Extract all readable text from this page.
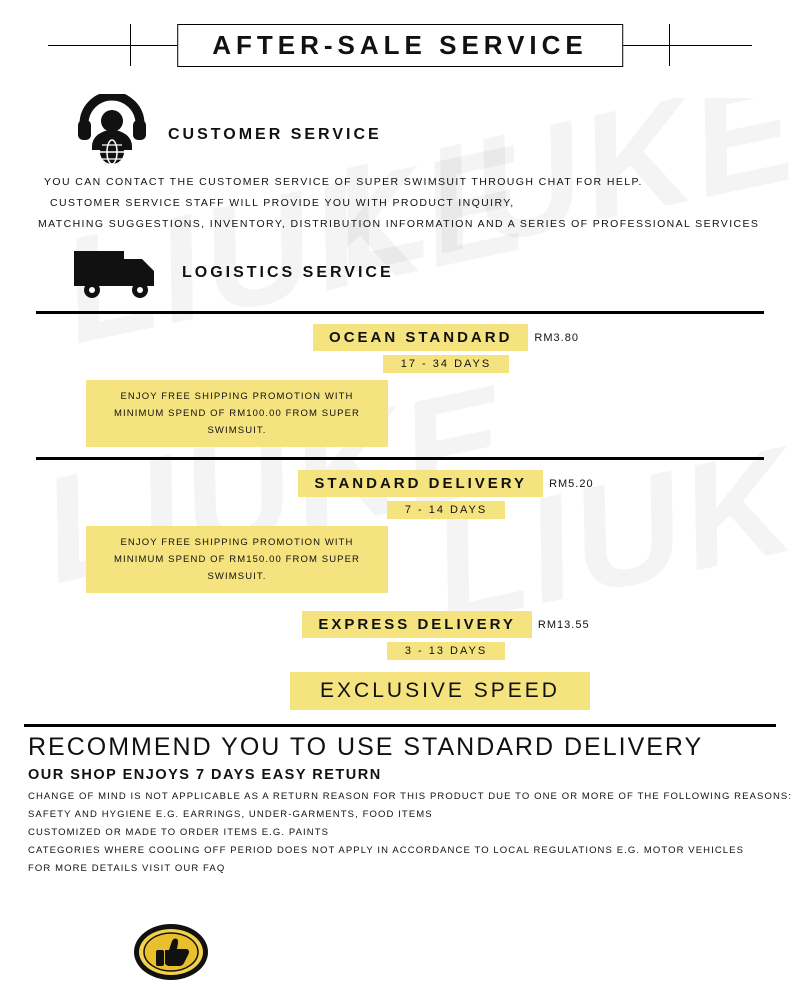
AFTER-SALE SERVICE
CUSTOMER SERVICE
YOU CAN CONTACT THE CUSTOMER SERVICE OF SUPER SWIMSUIT THROUGH CHAT FOR HELP.
CUSTOMER SERVICE STAFF WILL PROVIDE YOU WITH PRODUCT INQUIRY,
MATCHING SUGGESTIONS, INVENTORY, DISTRIBUTION INFORMATION AND A SERIES OF PROFESSIONAL SERVICES
LOGISTICS SERVICE
OCEAN STANDARD	RM3.80
17 - 34 DAYS
ENJOY FREE SHIPPING PROMOTION WITH
MINIMUM SPEND OF RM100.00 FROM SUPER SWIMSUIT.
STANDARD DELIVERY	RM5.20
7 - 14 DAYS
ENJOY FREE SHIPPING PROMOTION WITH
MINIMUM SPEND OF RM150.00 FROM SUPER SWIMSUIT.
EXPRESS DELIVERY	RM13.55
3 - 13 DAYS
EXCLUSIVE SPEED
RECOMMEND YOU TO USE STANDARD DELIVERY
OUR SHOP ENJOYS 7 DAYS EASY RETURN
CHANGE OF MIND IS NOT APPLICABLE AS A RETURN REASON FOR THIS PRODUCT DUE TO ONE OR MORE OF THE FOLLOWING REASONS:
SAFETY AND HYGIENE E.G. EARRINGS, UNDER-GARMENTS, FOOD ITEMS
CUSTOMIZED OR MADE TO ORDER ITEMS E.G. PAINTS
CATEGORIES WHERE COOLING OFF PERIOD DOES NOT APPLY IN ACCORDANCE TO LOCAL REGULATIONS E.G. MOTOR VEHICLES
FOR MORE DETAILS VISIT OUR FAQ
